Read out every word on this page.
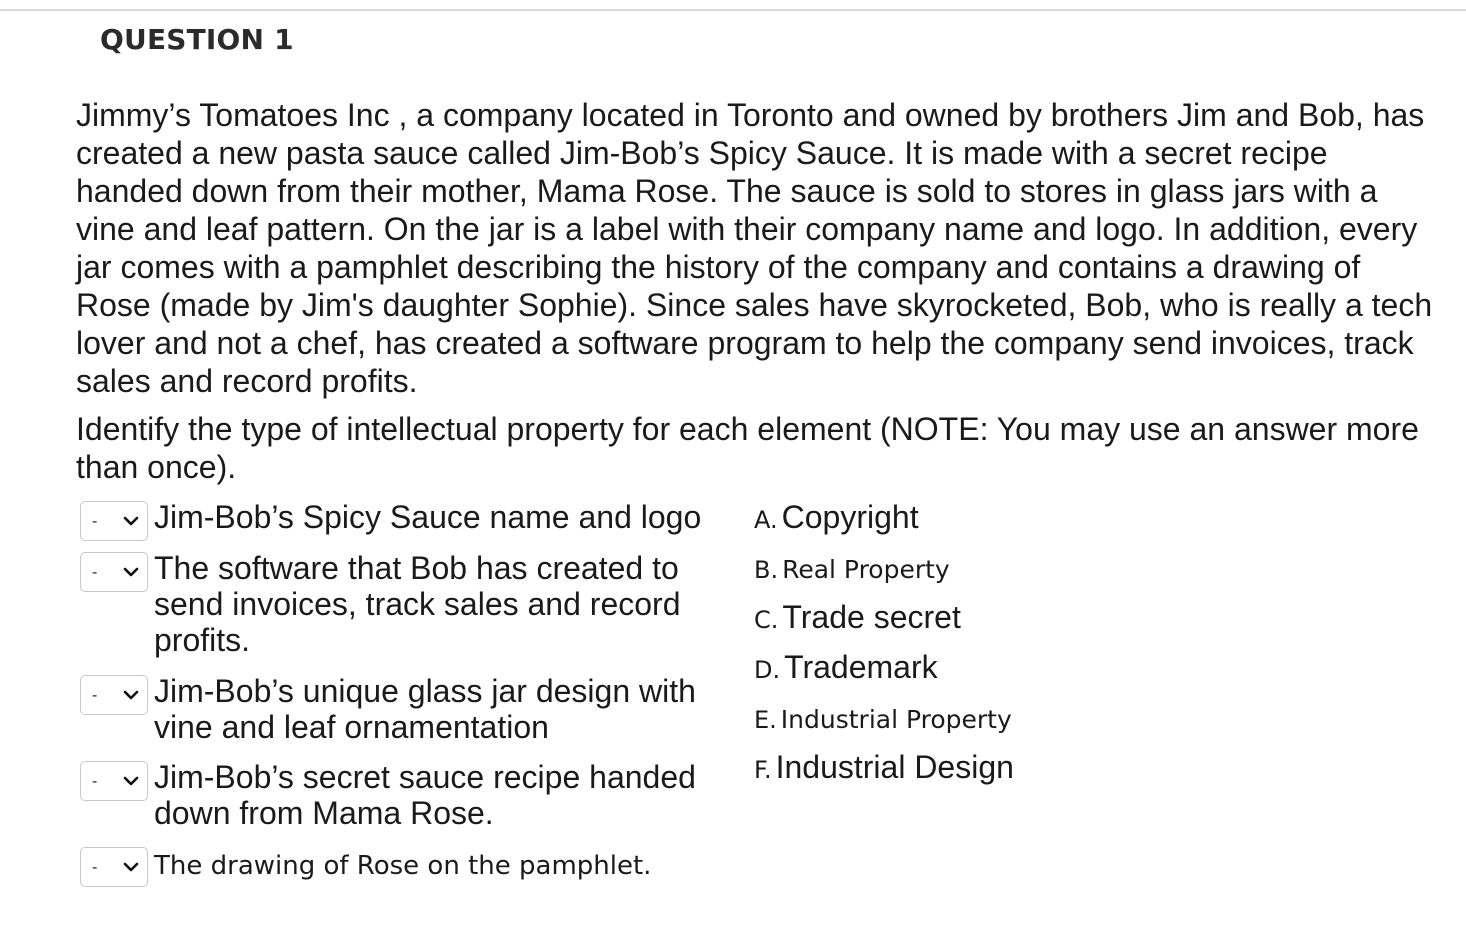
QUESTION 1

Jimmy’s Tomatoes Inc , a company located in Toronto and owned by brothers Jim and Bob, has created a new pasta sauce called Jim-Bob’s Spicy Sauce. It is made with a secret recipe handed down from their mother, Mama Rose. The sauce is sold to stores in glass jars with a vine and leaf pattern. On the jar is a label with their company name and logo. In addition, every jar comes with a pamphlet describing the history of the company and contains a drawing of Rose (made by Jim's daughter Sophie). Since sales have skyrocketed, Bob, who is really a tech lover and not a chef, has created a software program to help the company send invoices, track sales and record profits.

Identify the type of intellectual property for each element (NOTE: You may use an answer more than once).

- Jim-Bob’s Spicy Sauce name and logo

- The software that Bob has created to send invoices, track sales and record profits.

- Jim-Bob’s unique glass jar design with vine and leaf ornamentation

- Jim-Bob’s secret sauce recipe handed down from Mama Rose.

- The drawing of Rose on the pamphlet.

A. Copyright
B. Real Property
C. Trade secret
D. Trademark
E. Industrial Property
F. Industrial Design
